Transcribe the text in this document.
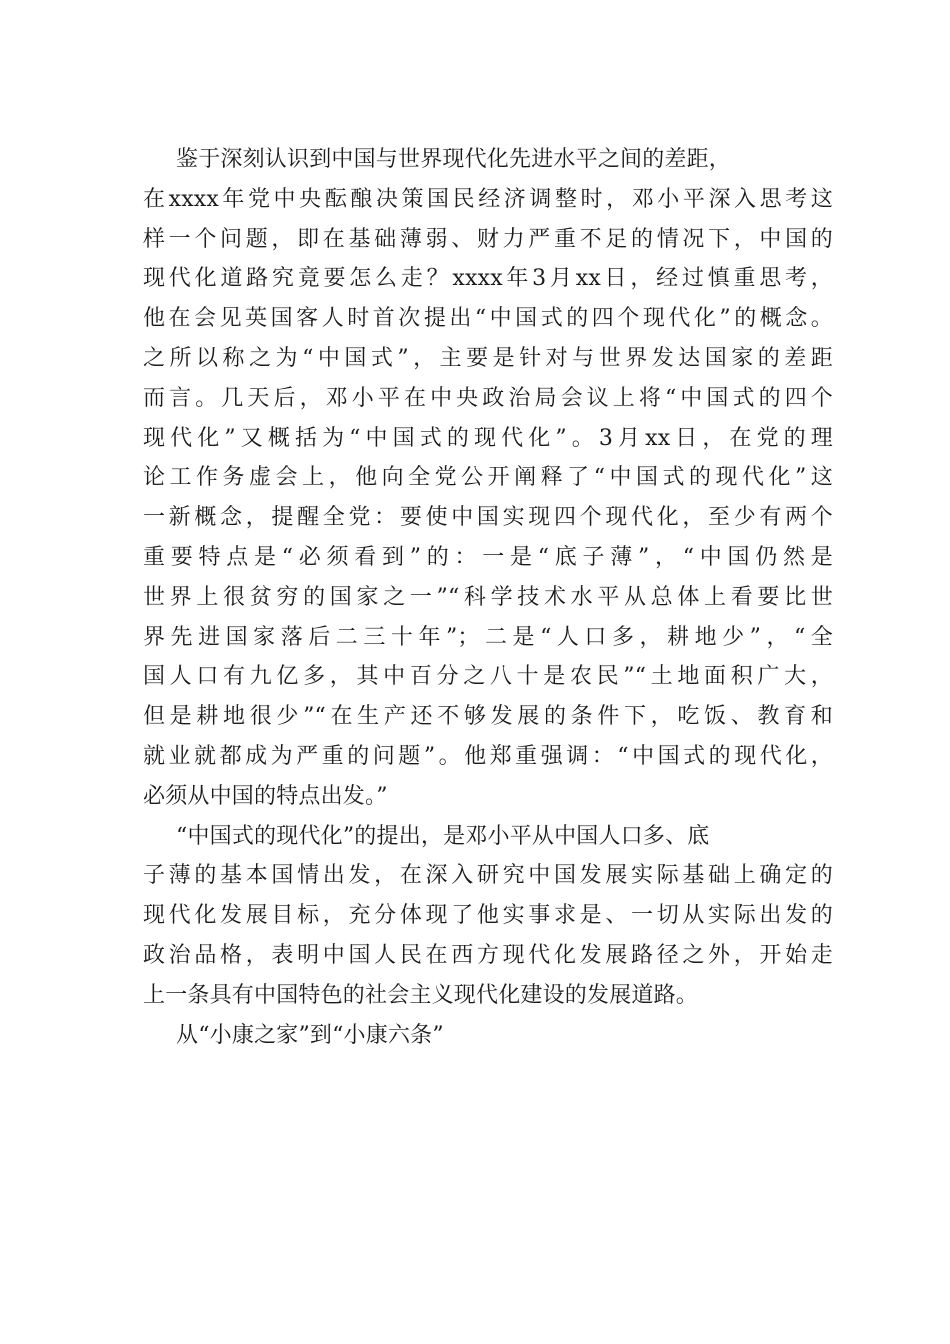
鉴于深刻认识到中国与世界现代化先进水平之间的差距，
在xxxx年党中央酝酿决策国民经济调整时，邓小平深入思考这
样一个问题，即在基础薄弱、财力严重不足的情况下，中国的
现代化道路究竟要怎么走？xxxx年3月xx日，经过慎重思考，
他在会见英国客人时首次提出“中国式的四个现代化”的概念。
之所以称之为“中国式”，主要是针对与世界发达国家的差距
而言。几天后，邓小平在中央政治局会议上将“中国式的四个
现代化”又概括为“中国式的现代化”。3月xx日，在党的理
论工作务虚会上，他向全党公开阐释了“中国式的现代化”这
一新概念，提醒全党：要使中国实现四个现代化，至少有两个
重要特点是“必须看到”的：一是“底子薄”，“中国仍然是
世界上很贫穷的国家之一”“科学技术水平从总体上看要比世
界先进国家落后二三十年”；二是“人口多，耕地少”，“全
国人口有九亿多，其中百分之八十是农民”“土地面积广大，
但是耕地很少”“在生产还不够发展的条件下，吃饭、教育和
就业就都成为严重的问题”。他郑重强调：“中国式的现代化，
必须从中国的特点出发。”
“中国式的现代化”的提出，是邓小平从中国人口多、底
子薄的基本国情出发，在深入研究中国发展实际基础上确定的
现代化发展目标，充分体现了他实事求是、一切从实际出发的
政治品格，表明中国人民在西方现代化发展路径之外，开始走
上一条具有中国特色的社会主义现代化建设的发展道路。
从“小康之家”到“小康六条”
